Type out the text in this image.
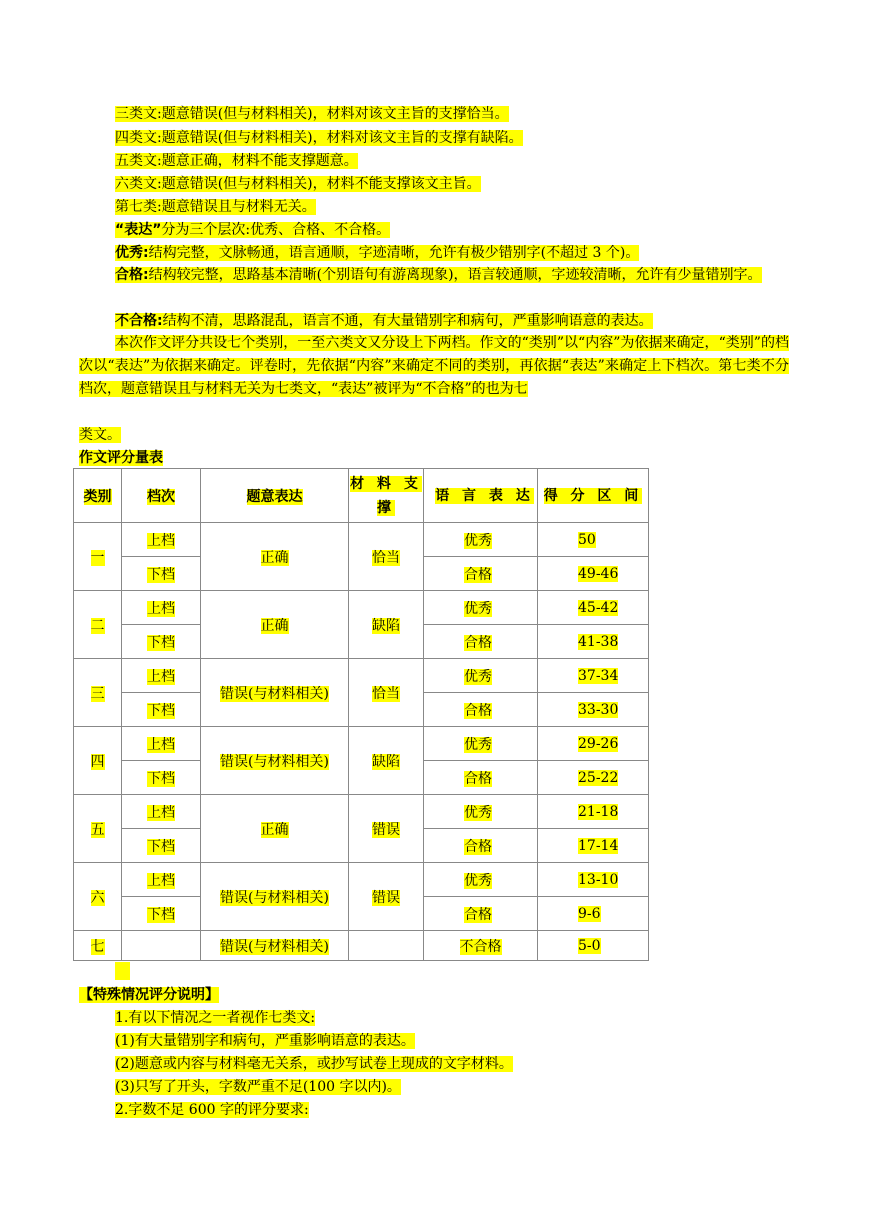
三类文:题意错误(但与材料相关)，材料对该文主旨的支撑恰当。
四类文:题意错误(但与材料相关)，材料对该文主旨的支撑有缺陷。
五类文:题意正确，材料不能支撑题意。
六类文:题意错误(但与材料相关)，材料不能支撑该文主旨。
第七类:题意错误且与材料无关。
“表达”分为三个层次:优秀、合格、不合格。
优秀:结构完整，文脉畅通，语言通顺，字迹清晰，允许有极少错别字(不超过 3 个)。
合格:结构较完整，思路基本清晰(个别语句有游离现象)，语言较通顺，字迹较清晰，允许有少量错别字。
不合格:结构不清，思路混乱，语言不通，有大量错别字和病句，严重影响语意的表达。
本次作文评分共设七个类别，一至六类文又分设上下两档。作文的“类别”以“内容”为依据来确定，“类别”的档次以“表达”为依据来确定。评卷时，先依据“内容”来确定不同的类别，再依据“表达”来确定上下档次。第七类不分档次，题意错误且与材料无关为七类文，“表达”被评为“不合格”的也为七
类文。
作文评分量表
类别	档次	题意表达	材 料 支 撑	语 言 表 达	得 分 区 间
一	上档	正确	恰当	优秀	50
	下档			合格	49-46
二	上档	正确	缺陷	优秀	45-42
	下档			合格	41-38
三	上档	错误(与材料相关)	恰当	优秀	37-34
	下档			合格	33-30
四	上档	错误(与材料相关)	缺陷	优秀	29-26
	下档			合格	25-22
五	上档	正确	错误	优秀	21-18
	下档			合格	17-14
六	上档	错误(与材料相关)	错误	优秀	13-10
	下档			合格	9-6
七		错误(与材料相关)		不合格	5-0
【特殊情况评分说明】
1.有以下情况之一者视作七类文:
(1)有大量错别字和病句，严重影响语意的表达。
(2)题意或内容与材料毫无关系，或抄写试卷上现成的文字材料。
(3)只写了开头，字数严重不足(100 字以内)。
2.字数不足 600 字的评分要求:
